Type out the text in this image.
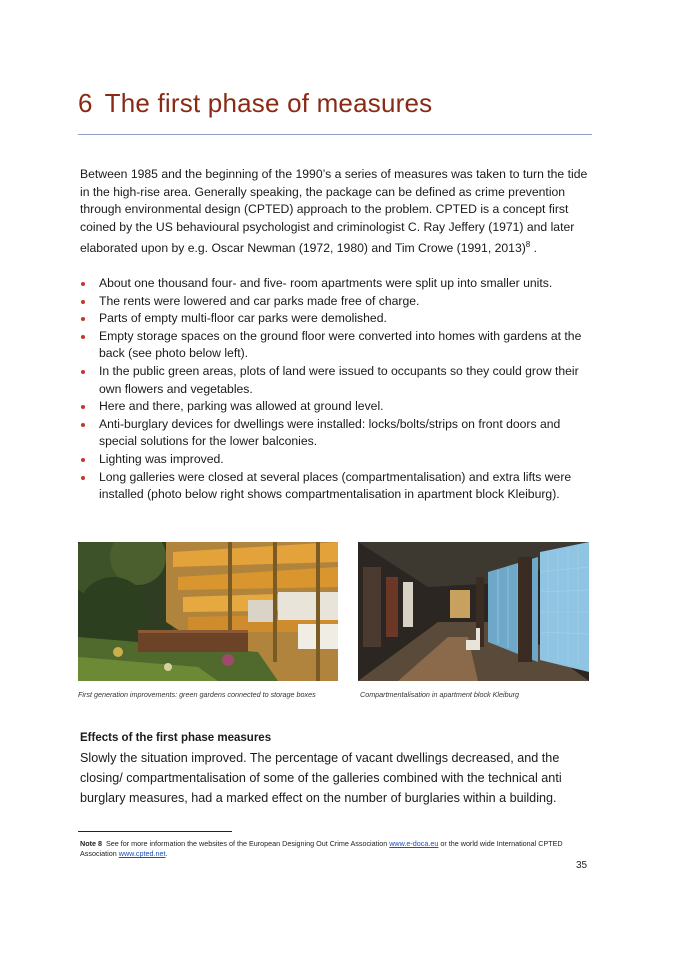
6 The first phase of measures

Between 1985 and the beginning of the 1990’s a series of measures was taken to turn the tide in the high-rise area. Generally speaking, the package can be defined as crime prevention through environmental design (CPTED) approach to the problem. CPTED is a concept first coined by the US behavioural psychologist and criminologist C. Ray Jeffery (1971) and later elaborated upon by e.g. Oscar Newman (1972, 1980) and Tim Crowe (1991, 2013)$^8$ .

About one thousand four- and five- room apartments were split up into smaller units.
The rents were lowered and car parks made free of charge.
Parts of empty multi-floor car parks were demolished.
Empty storage spaces on the ground floor were converted into homes with gardens at the back (see photo below left).
In the public green areas, plots of land were issued to occupants so they could grow their own flowers and vegetables.
Here and there, parking was allowed at ground level.
Anti-burglary devices for dwellings were installed: locks/bolts/strips on front doors and special solutions for the lower balconies.
Lighting was improved.
Long galleries were closed at several places (compartmentalisation) and extra lifts were installed (photo below right shows compartmentalisation in apartment block Kleiburg).
First generation improvements: green gardens connected to storage boxes	Compartmentalisation in apartment block Kleiburg
Effects of the first phase measures

Slowly the situation improved. The percentage of vacant dwellings decreased, and the closing/ compartmentalisation of some of the galleries combined with the technical anti burglary measures, had a marked effect on the number of burglaries within a building.

Note 8 See for more information the websites of the European Designing Out Crime Association www.e-doca.eu or the world wide International CPTED Association www.cpted.net.

35
